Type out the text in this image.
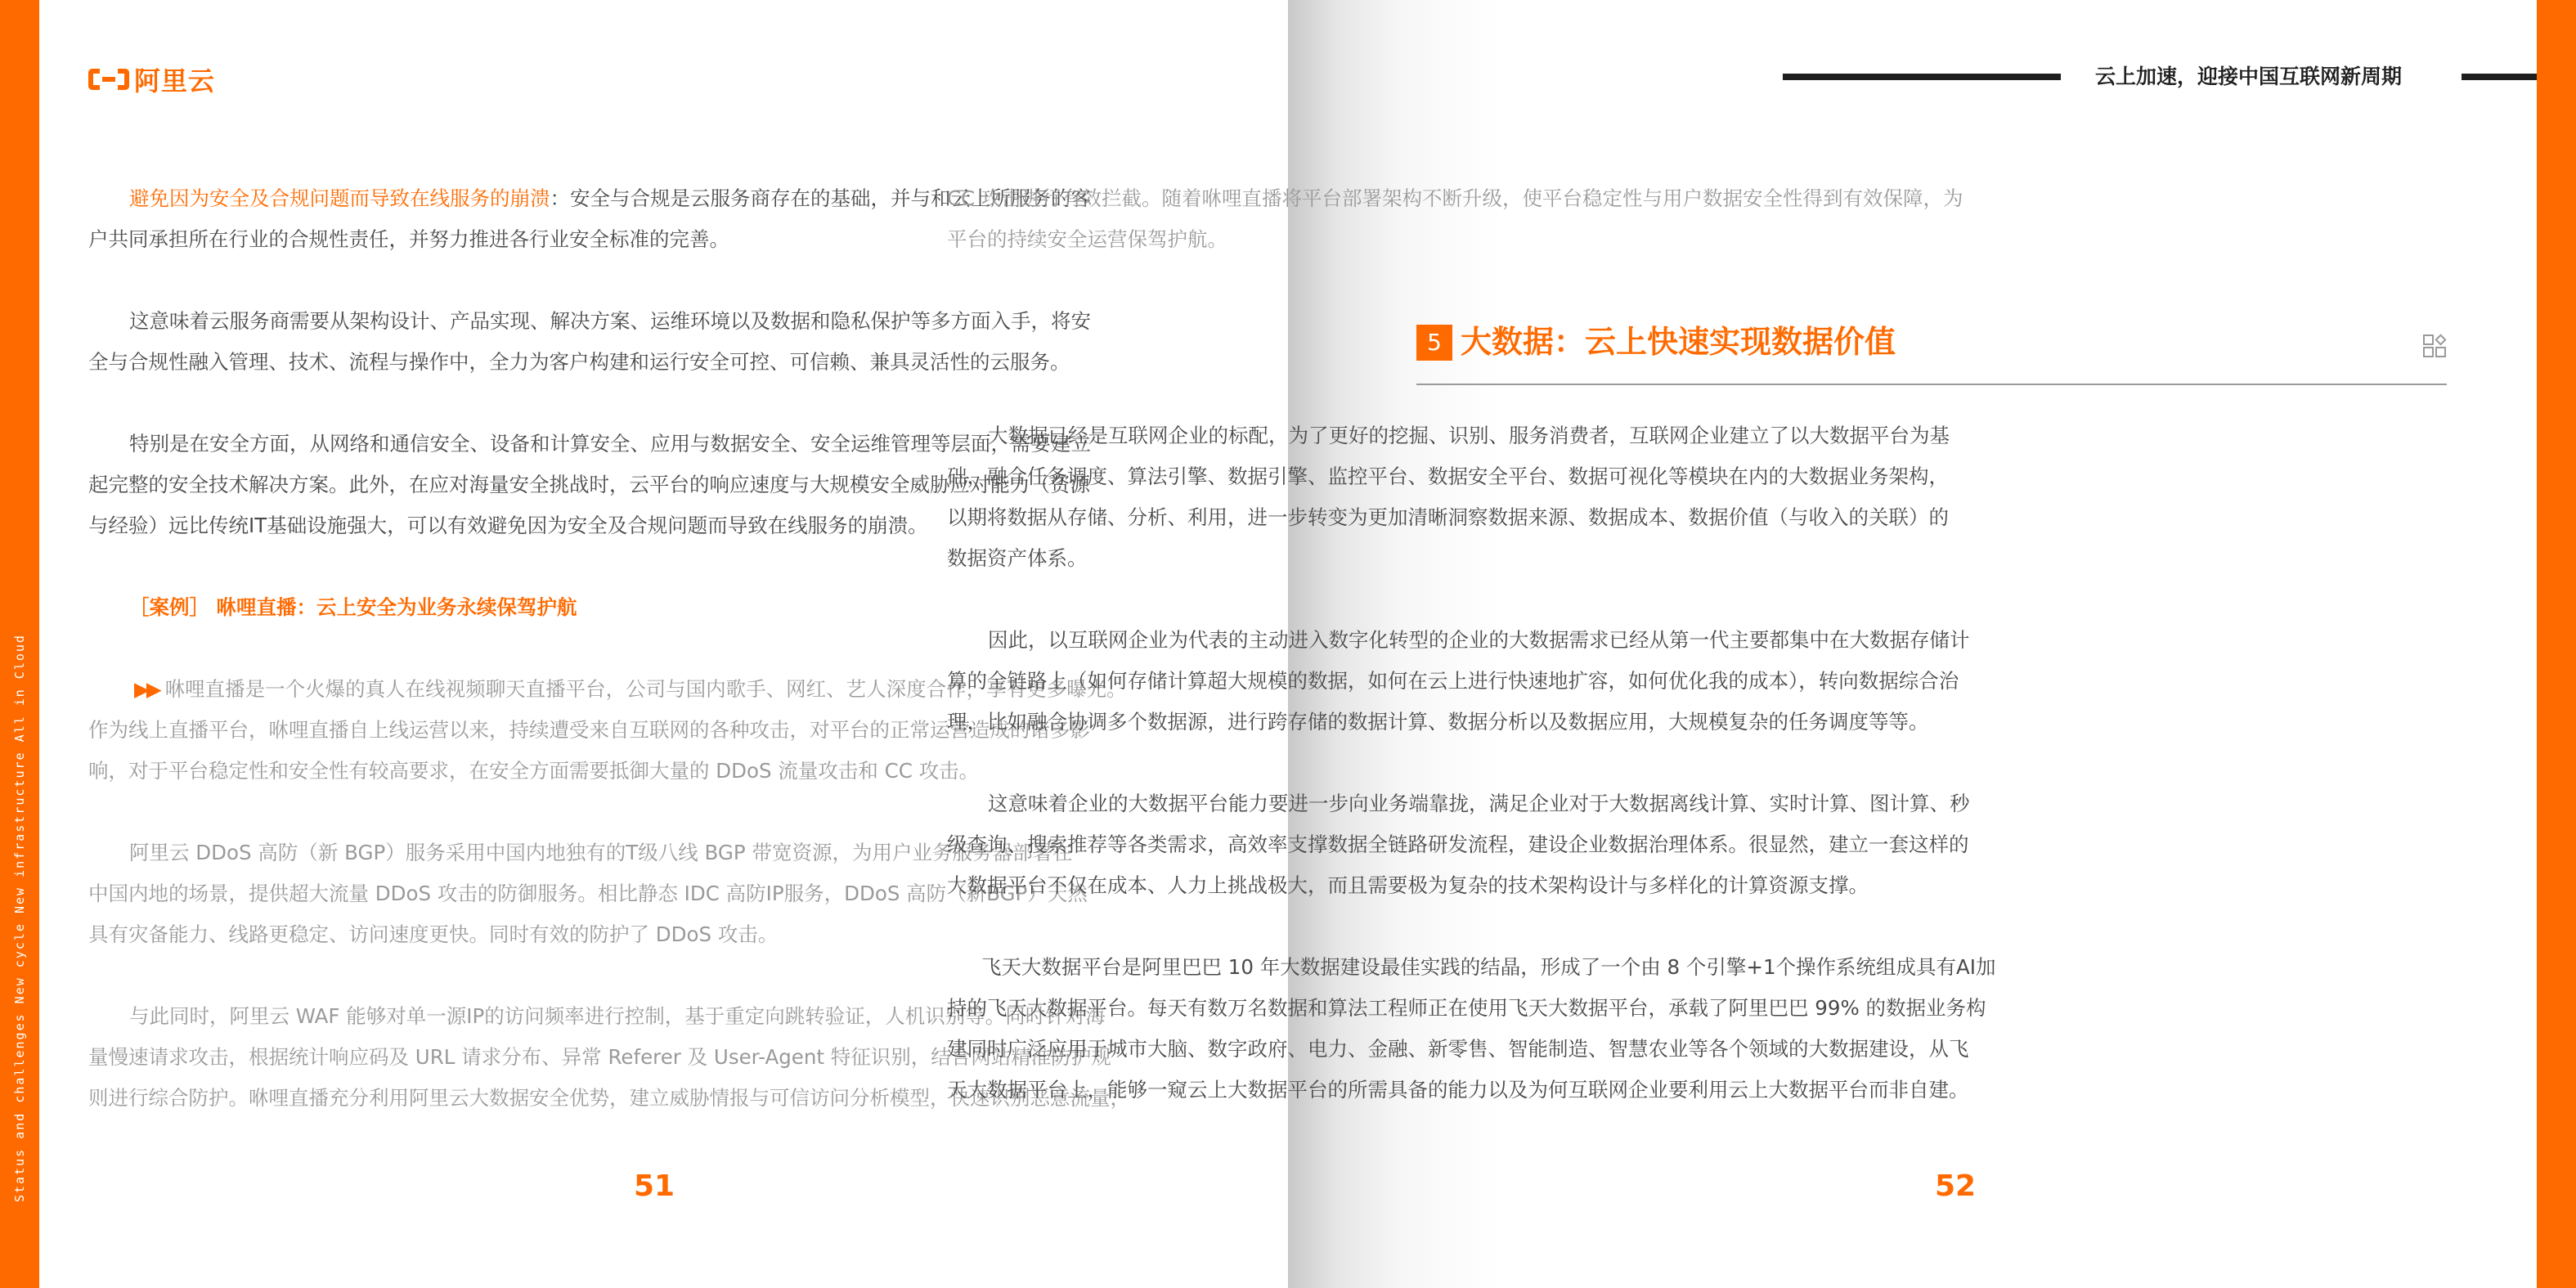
Status and challenges New cycle New infrastructure All in Cloud
阿里云
避免因为安全及合规问题而导致在线服务的崩溃：安全与合规是云服务商存在的基础，并与和云上所服务的客
户共同承担所在行业的合规性责任，并努力推进各行业安全标准的完善。
这意味着云服务商需要从架构设计、产品实现、解决方案、运维环境以及数据和隐私保护等多方面入手，将安
全与合规性融入管理、技术、流程与操作中，全力为客户构建和运行安全可控、可信赖、兼具灵活性的云服务。
特别是在安全方面，从网络和通信安全、设备和计算安全、应用与数据安全、安全运维管理等层面，需要建立
起完整的安全技术解决方案。此外，在应对海量安全挑战时，云平台的响应速度与大规模安全威胁应对能力（资源
与经验）远比传统IT基础设施强大，可以有效避免因为安全及合规问题而导致在线服务的崩溃。
［案例］ 咻哩直播：云上安全为业务永续保驾护航
▶▶ 咻哩直播是一个火爆的真人在线视频聊天直播平台，公司与国内歌手、网红、艺人深度合作，享有更多曝光。
作为线上直播平台，咻哩直播自上线运营以来，持续遭受来自互联网的各种攻击，对平台的正常运营造成的诸多影
响，对于平台稳定性和安全性有较高要求，在安全方面需要抵御大量的 DDoS 流量攻击和 CC 攻击。
阿里云 DDoS 高防（新 BGP）服务采用中国内地独有的T级八线 BGP 带宽资源，为用户业务服务器部署在
中国内地的场景，提供超大流量 DDoS 攻击的防御服务。相比静态 IDC 高防IP服务，DDoS 高防（新BGP）天然
具有灾备能力、线路更稳定、访问速度更快。同时有效的防护了 DDoS 攻击。
与此同时，阿里云 WAF 能够对单一源IP的访问频率进行控制，基于重定向跳转验证，人机识别等。同时针对海
量慢速请求攻击，根据统计响应码及 URL 请求分布、异常 Referer 及 User-Agent 特征识别，结合网站精准防护规
则进行综合防护。咻哩直播充分利用阿里云大数据安全优势，建立威胁情报与可信访问分析模型，快速识别恶意流量，
51
云上加速，迎接中国互联网新周期
CC 攻击进行有效拦截。随着咻哩直播将平台部署架构不断升级，使平台稳定性与用户数据安全性得到有效保障，为
平台的持续安全运营保驾护航。
5 大数据：云上快速实现数据价值
大数据已经是互联网企业的标配，为了更好的挖掘、识别、服务消费者，互联网企业建立了以大数据平台为基
础，融合任务调度、算法引擎、数据引擎、监控平台、数据安全平台、数据可视化等模块在内的大数据业务架构，
以期将数据从存储、分析、利用，进一步转变为更加清晰洞察数据来源、数据成本、数据价值（与收入的关联）的
数据资产体系。
因此，以互联网企业为代表的主动进入数字化转型的企业的大数据需求已经从第一代主要都集中在大数据存储计
算的全链路上（如何存储计算超大规模的数据，如何在云上进行快速地扩容，如何优化我的成本），转向数据综合治
理，比如融合协调多个数据源，进行跨存储的数据计算、数据分析以及数据应用，大规模复杂的任务调度等等。
这意味着企业的大数据平台能力要进一步向业务端靠拢，满足企业对于大数据离线计算、实时计算、图计算、秒
级查询、搜索推荐等各类需求，高效率支撑数据全链路研发流程，建设企业数据治理体系。很显然，建立一套这样的
大数据平台不仅在成本、人力上挑战极大，而且需要极为复杂的技术架构设计与多样化的计算资源支撑。
飞天大数据平台是阿里巴巴 10 年大数据建设最佳实践的结晶，形成了一个由 8 个引擎+1个操作系统组成具有AI加
持的飞天大数据平台。每天有数万名数据和算法工程师正在使用飞天大数据平台，承载了阿里巴巴 99% 的数据业务构
建同时广泛应用于城市大脑、数字政府、电力、金融、新零售、智能制造、智慧农业等各个领域的大数据建设，从飞
天大数据平台上，能够一窥云上大数据平台的所需具备的能力以及为何互联网企业要利用云上大数据平台而非自建。
52
